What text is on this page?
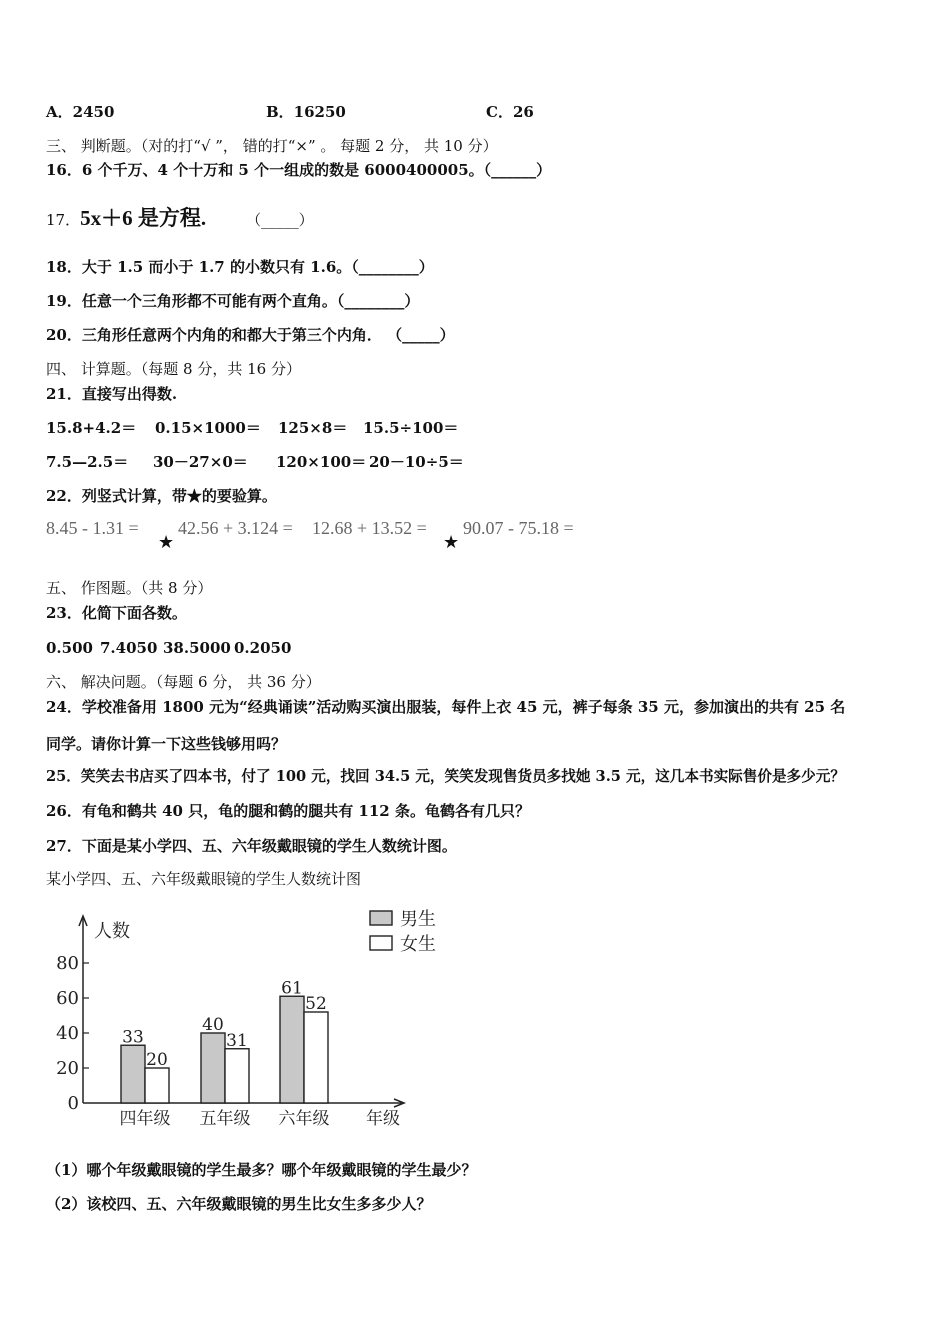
A．2450	B．16250	C．26
三、 判断题。（对的打“√ ”， 错的打“×” 。 每题 2 分， 共 10 分）
16．6 个千万、4 个十万和 5 个一组成的数是 6000400005。（______）
17．5x＋6 是方程.	（_____）
18．大于 1.5 而小于 1.7 的小数只有 1.6。（________）
19．任意一个三角形都不可能有两个直角。（________）
20．三角形任意两个内角的和都大于第三个内角． （_____）
四、 计算题。（每题 8 分，共 16 分）
21．直接写出得数.
15.8+4.2＝ 0.15×1000＝ 125×8＝ 15.5÷100＝
7.5—2.5＝ 30－27×0＝ 120×100＝ 20－10÷5＝
22．列竖式计算，带★的要验算。
8.45 - 1.31 =
★
42.56 + 3.124 = 12.68 + 13.52 =
★
90.07 - 75.18 =
五、 作图题。（共 8 分）
23．化简下面各数。
0.500 7.4050 38.5000 0.2050
六、 解决问题。（每题 6 分， 共 36 分）
24．学校准备用 1800 元为“经典诵读”活动购买演出服装，每件上衣 45 元，裤子每条 35 元，参加演出的共有 25 名
同学。请你计算一下这些钱够用吗？
25．笑笑去书店买了四本书，付了 100 元，找回 34.5 元，笑笑发现售货员多找她 3.5 元，这几本书实际售价是多少元？
26．有龟和鹤共 40 只，龟的腿和鹤的腿共有 112 条。龟鹤各有几只？
27．下面是某小学四、五、六年级戴眼镜的学生人数统计图。
某小学四、五、六年级戴眼镜的学生人数统计图
0
20
40
60
80
人数
33
20
四年级
40
31
五年级
61
52
六年级 年级
男生
女生
（1）哪个年级戴眼镜的学生最多？哪个年级戴眼镜的学生最少？
（2）该校四、五、六年级戴眼镜的男生比女生多多少人？
